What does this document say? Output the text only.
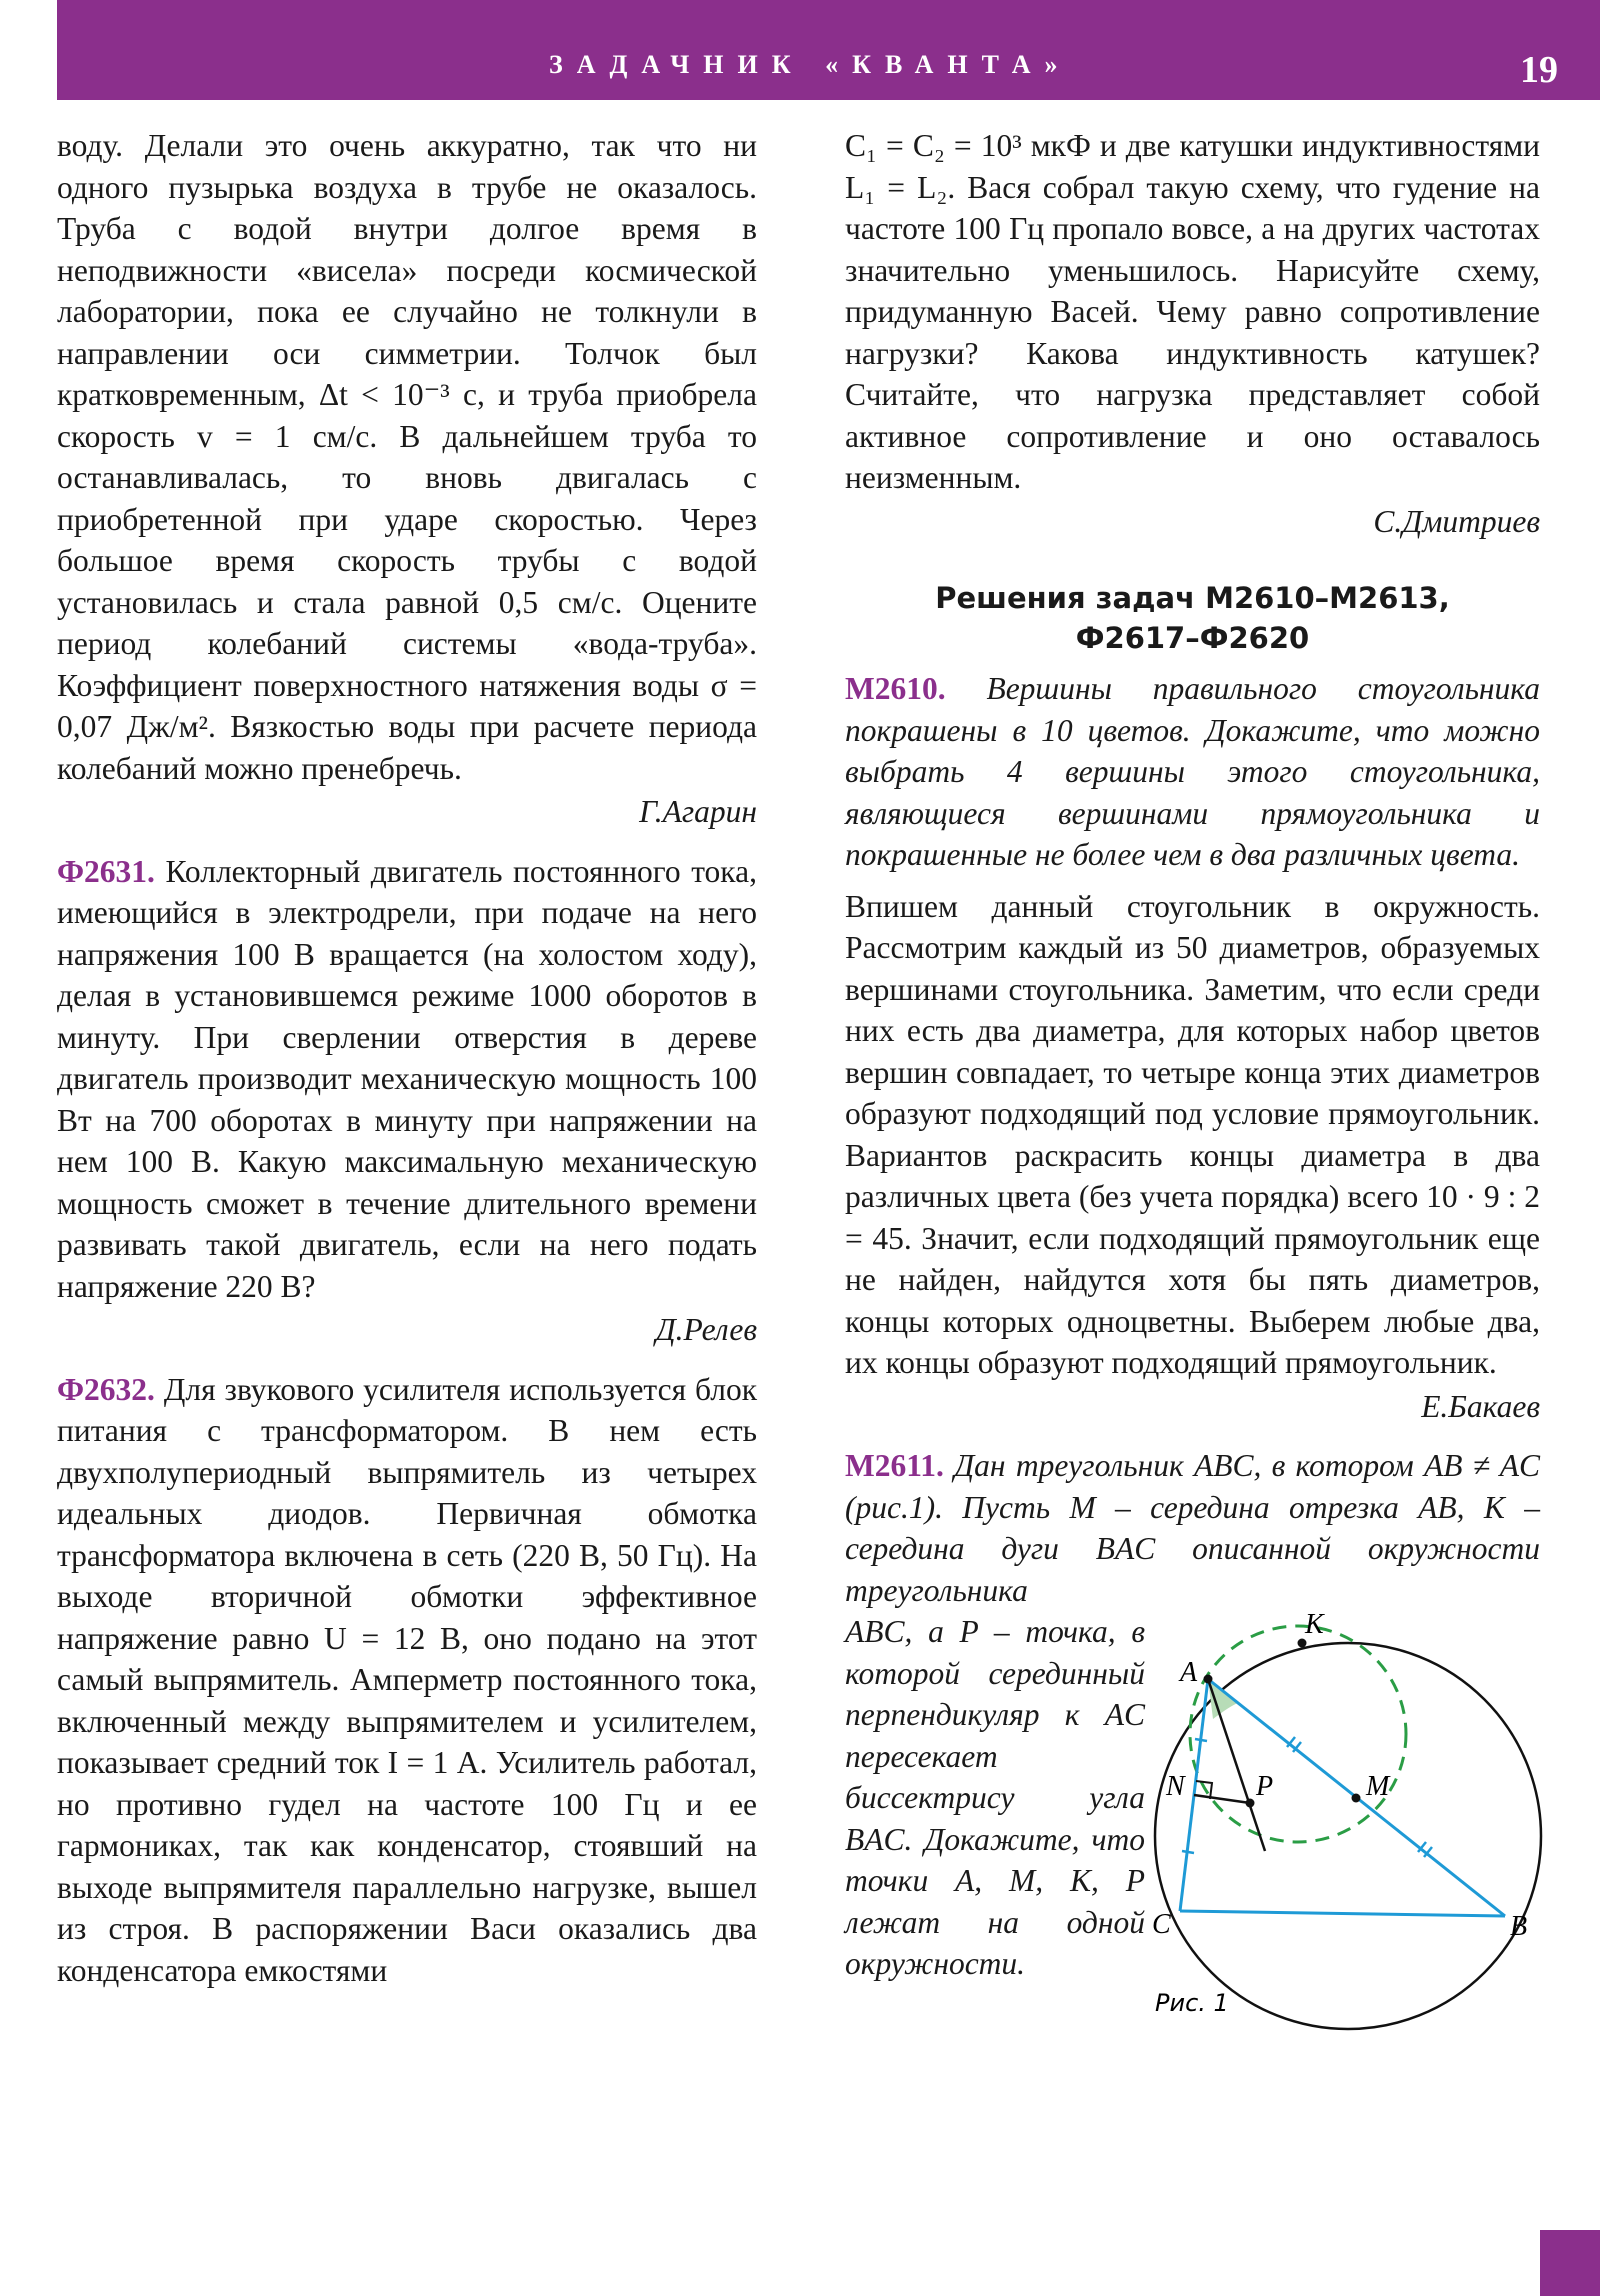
ЗАДАЧНИК «КВАНТА»	19

воду. Делали это очень аккуратно, так что ни одного пузырька воздуха в трубе не оказалось. Труба с водой внутри долгое время в неподвижности «висела» посреди космической лаборатории, пока ее случайно не толкнули в направлении оси симметрии. Толчок был кратковременным, Δt < 10⁻³ с, и труба приобрела скорость v = 1 см/с. В дальнейшем труба то останавливалась, то вновь двигалась с приобретенной при ударе скоростью. Через большое время скорость трубы с водой установилась и стала равной 0,5 см/с. Оцените период колебаний системы «вода-труба». Коэффициент поверхностного натяжения воды σ = 0,07 Дж/м². Вязкостью воды при расчете периода колебаний можно пренебречь.

Г.Агарин

Ф2631. Коллекторный двигатель постоянного тока, имеющийся в электродрели, при подаче на него напряжения 100 В вращается (на холостом ходу), делая в установившемся режиме 1000 оборотов в минуту. При сверлении отверстия в дереве двигатель производит механическую мощность 100 Вт на 700 оборотах в минуту при напряжении на нем 100 В. Какую максимальную механическую мощность сможет в течение длительного времени развивать такой двигатель, если на него подать напряжение 220 В?

Д.Релев

Ф2632. Для звукового усилителя используется блок питания с трансформатором. В нем есть двухполупериодный выпрямитель из четырех идеальных диодов. Первичная обмотка трансформатора включена в сеть (220 В, 50 Гц). На выходе вторичной обмотки эффективное напряжение равно U = 12 В, оно подано на этот самый выпрямитель. Амперметр постоянного тока, включенный между выпрямителем и усилителем, показывает средний ток I = 1 А. Усилитель работал, но противно гудел на частоте 100 Гц и ее гармониках, так как конденсатор, стоявший на выходе выпрямителя параллельно нагрузке, вышел из строя. В распоряжении Васи оказались два конденсатора емкостями

C₁ = C₂ = 10³ мкФ и две катушки индуктивностями L₁ = L₂. Вася собрал такую схему, что гудение на частоте 100 Гц пропало вовсе, а на других частотах значительно уменьшилось. Нарисуйте схему, придуманную Васей. Чему равно сопротивление нагрузки? Какова индуктивность катушек? Считайте, что нагрузка представляет собой активное сопротивление и оно оставалось неизменным.

С.Дмитриев
Решения задач М2610–М2613,
Ф2617–Ф2620

М2610. Вершины правильного стоугольника покрашены в 10 цветов. Докажите, что можно выбрать 4 вершины этого стоугольника, являющиеся вершинами прямоугольника и покрашенные не более чем в два различных цвета.

Впишем данный стоугольник в окружность. Рассмотрим каждый из 50 диаметров, образуемых вершинами стоугольника. Заметим, что если среди них есть два диаметра, для которых набор цветов вершин совпадает, то четыре конца этих диаметров образуют подходящий под условие прямоугольник. Вариантов раскрасить концы диаметра в два различных цвета (без учета порядка) всего 10 · 9 : 2 = 45. Значит, если подходящий прямоугольник еще не найден, найдутся хотя бы пять диаметров, концы которых одноцветны. Выберем любые два, их концы образуют подходящий прямоугольник.

Е.Бакаев

М2611. Дан треугольник ABC, в котором AB ≠ AC (рис.1). Пусть M – середина отрезка AB, K – середина дуги BAC описанной окружности треугольника

ABC, а P – точка, в которой серединный перпендикуляр к AC пересекает биссектрису угла BAC. Докажите, что точки A, M, K, P лежат на одной окружности.

A
K
N	P	M
C	B
Рис. 1
